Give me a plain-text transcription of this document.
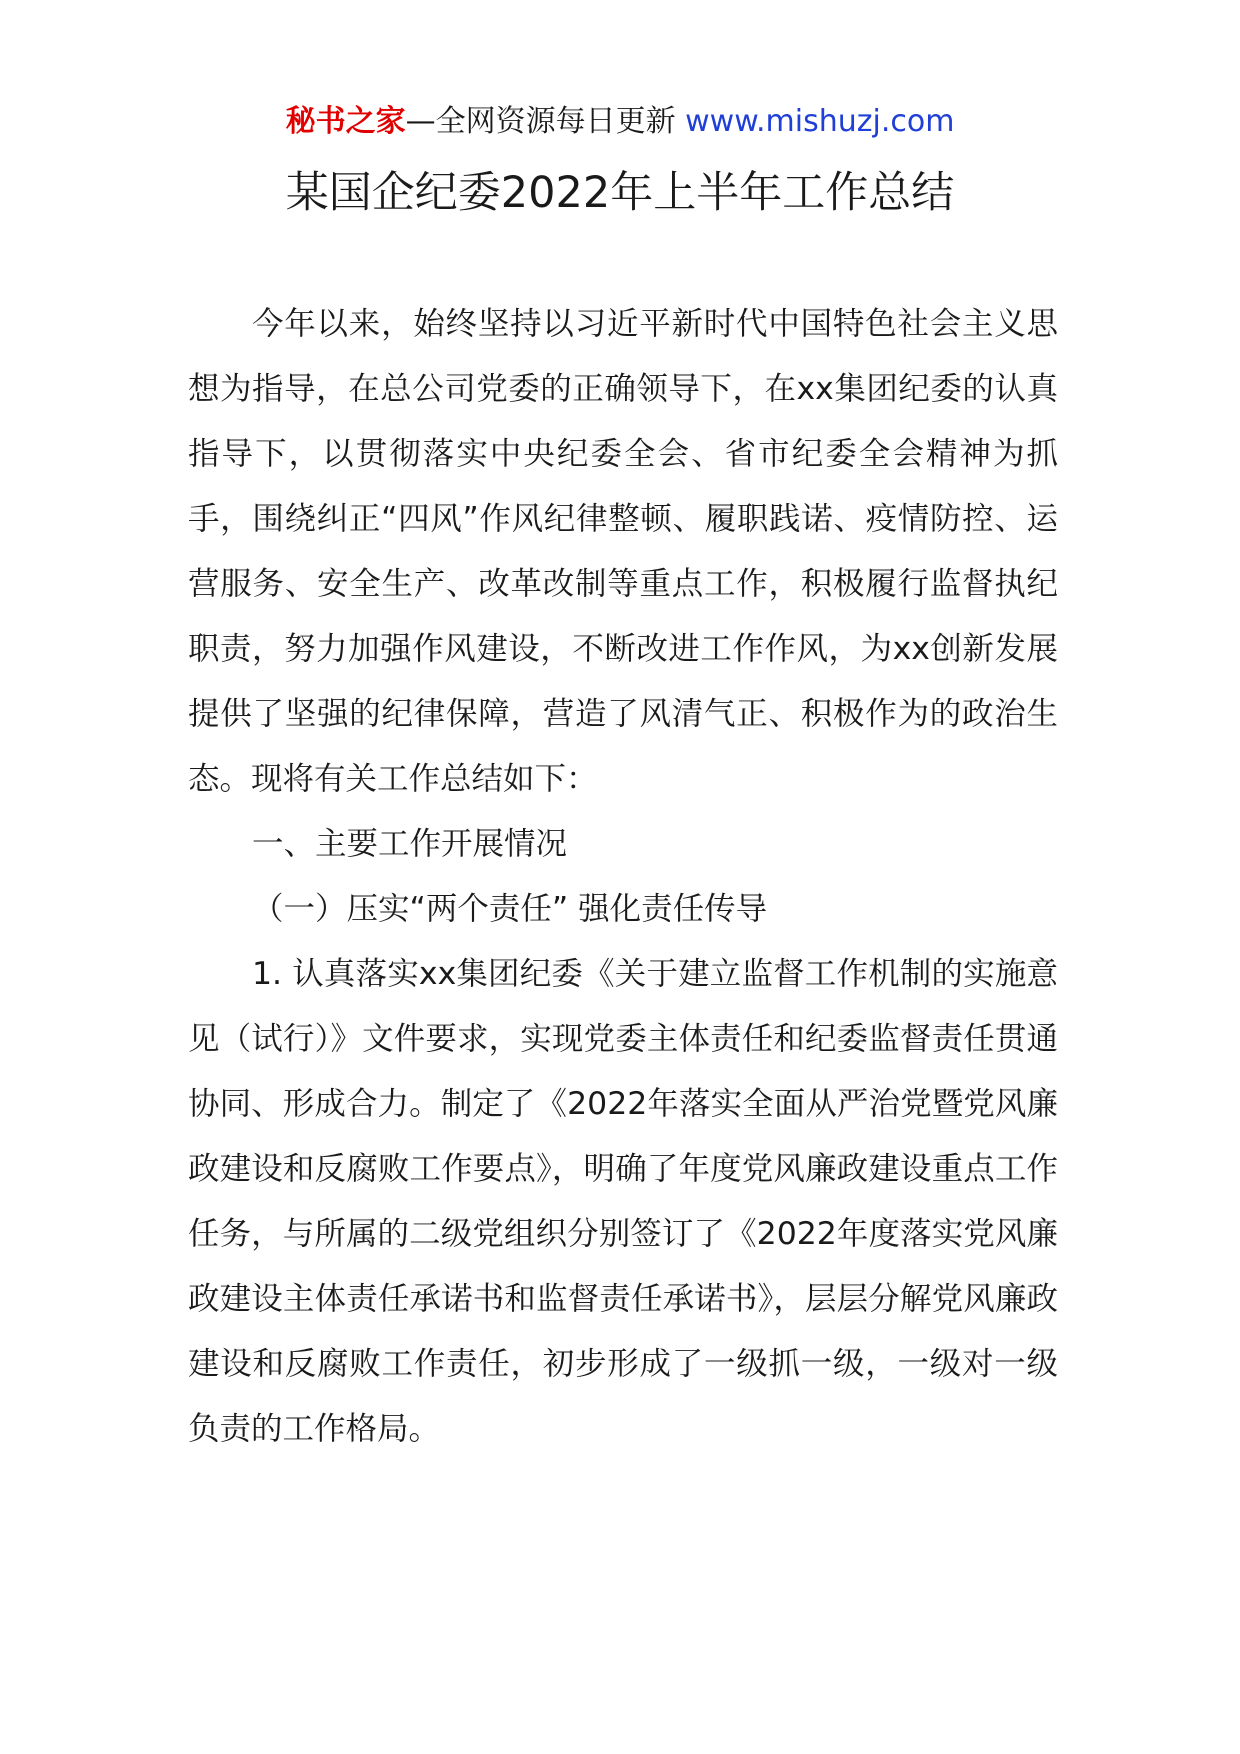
秘书之家—全网资源每日更新 www.mishuzj.com
某国企纪委2022年上半年工作总结

今年以来，始终坚持以习近平新时代中国特色社会主义思想为指导，在总公司党委的正确领导下，在xx集团纪委的认真指导下，以贯彻落实中央纪委全会、省市纪委全会精神为抓手，围绕纠正“四风”作风纪律整顿、履职践诺、疫情防控、运营服务、安全生产、改革改制等重点工作，积极履行监督执纪职责，努力加强作风建设，不断改进工作作风，为xx创新发展提供了坚强的纪律保障，营造了风清气正、积极作为的政治生态。现将有关工作总结如下：

一、主要工作开展情况

（一）压实“两个责任” 强化责任传导

1. 认真落实xx集团纪委《关于建立监督工作机制的实施意见（试行）》文件要求，实现党委主体责任和纪委监督责任贯通协同、形成合力。制定了《2022年落实全面从严治党暨党风廉政建设和反腐败工作要点》，明确了年度党风廉政建设重点工作任务，与所属的二级党组织分别签订了《2022年度落实党风廉政建设主体责任承诺书和监督责任承诺书》，层层分解党风廉政建设和反腐败工作责任，初步形成了一级抓一级，一级对一级负责的工作格局。
